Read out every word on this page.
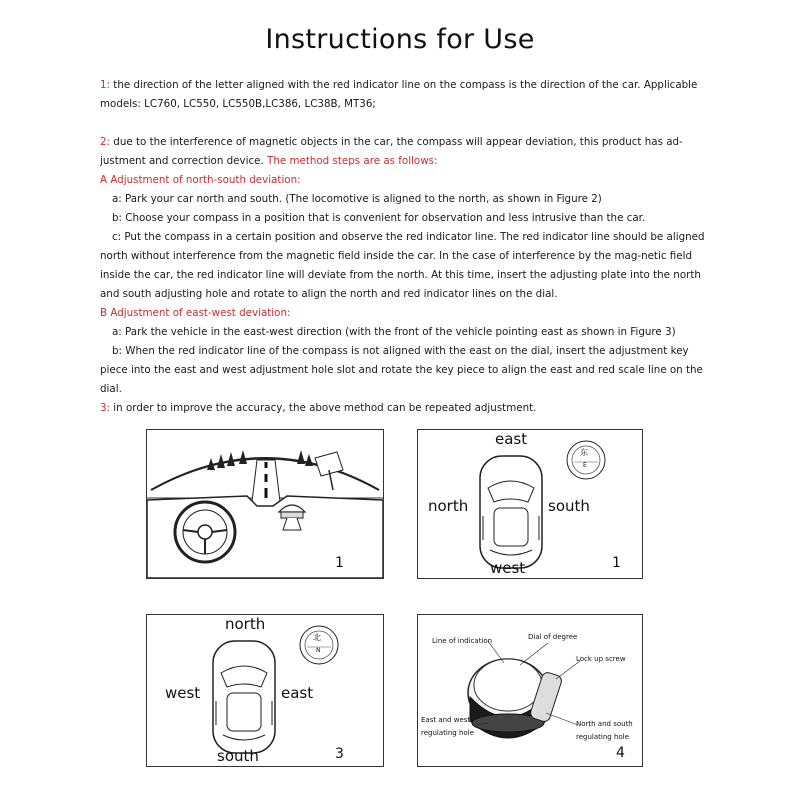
Instructions for Use

1: the direction of the letter aligned with the red indicator line on the compass is the direction of the car. Applicable models: LC760, LC550, LC550B,LC386, LC38B, MT36;

2: due to the interference of magnetic objects in the car, the compass will appear deviation, this product has ad-justment and correction device. The method steps are as follows:

A Adjustment of north-south deviation:

a: Park your car north and south. (The locomotive is aligned to the north, as shown in Figure 2)

b: Choose your compass in a position that is convenient for observation and less intrusive than the car.

c: Put the compass in a certain position and observe the red indicator line. The red indicator line should be aligned north without interference from the magnetic field inside the car. In the case of interference by the mag-netic field inside the car, the red indicator line will deviate from the north. At this time, insert the adjusting plate into the north and south adjusting hole and rotate to align the north and red indicator lines on the dial.

B Adjustment of east-west deviation:

a: Park the vehicle in the east-west direction (with the front of the vehicle pointing east as shown in Figure 3)

b: When the red indicator line of the compass is not aligned with the east on the dial, insert the adjustment key piece into the east and west adjustment hole slot and rotate the key piece to align the east and red scale line on the dial.

3: in order to improve the accuracy, the above method can be repeated adjustment.

1
东
E
east
north	south
west	1
北
N
north
west	east
south	3
Line of indication	Dial of degree
Lock up screw
East and west
regulating hole
North and south
regulating hole
4
